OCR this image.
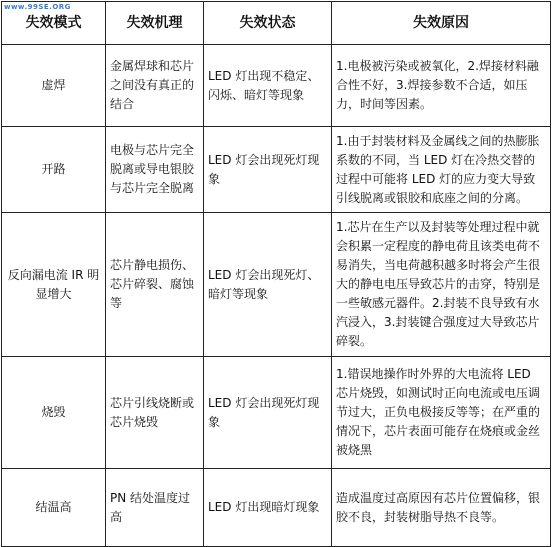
www.99SE.ORG
失效模式	失效机理	失效状态	失效原因
虚焊	金属焊球和芯片之间没有真正的结合	LED 灯出现不稳定、闪烁、暗灯等现象	1.电极被污染或被氧化，2.焊接材料融合性不好，3.焊接参数不合适，如压力，时间等因素。
开路	电极与芯片完全脱离或导电银胶与芯片完全脱离	LED 灯会出现死灯现象	1.由于封装材料及金属线之间的热膨胀系数的不同，当 LED 灯在冷热交替的过程中可能将 LED 灯的应力变大导致引线脱离或银胶和底座之间的分离。
反向漏电流 IR 明显增大	芯片静电损伤、芯片碎裂、腐蚀等	LED 灯会出现死灯、暗灯等现象	1.芯片在生产以及封装等处理过程中就会积累一定程度的静电荷且该类电荷不易消失，当电荷越积越多时将会产生很大的静电电压导致芯片的击穿，特别是一些敏感元器件。2.封装不良导致有水汽浸入，3.封装键合强度过大导致芯片碎裂。
烧毁	芯片引线烧断或芯片烧毁	LED 灯会出现死灯现象	1.错误地操作时外界的大电流将 LED 芯片烧毁，如测试时正向电流或电压调节过大，正负电极接反等等；在严重的情况下，芯片表面可能存在烧痕或金丝被烧黑
结温高	PN 结处温度过高	LED 灯出现暗灯现象	造成温度过高原因有芯片位置偏移，银胶不良，封装树脂导热不良等。
